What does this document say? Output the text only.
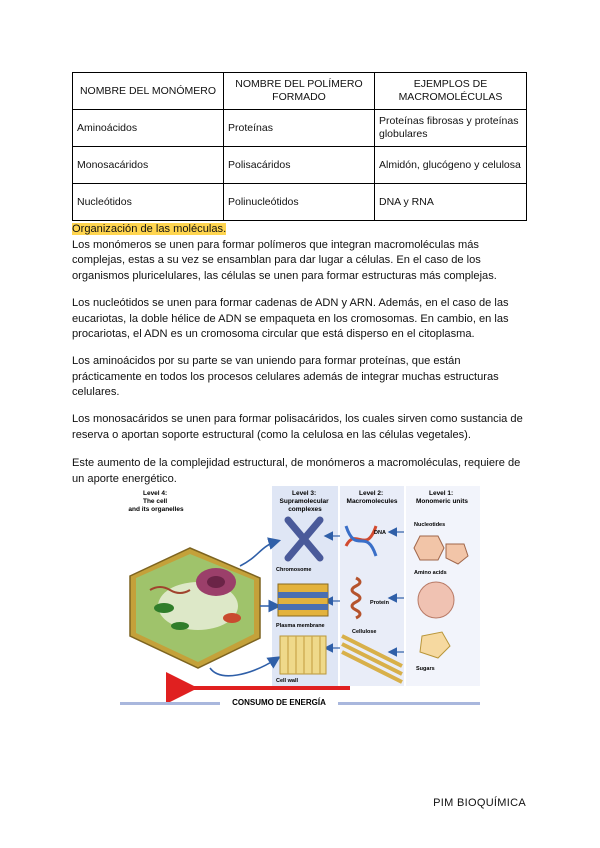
NOMBRE DEL MONÓMERO	NOMBRE DEL POLÍMERO FORMADO	EJEMPLOS DE MACROMOLÉCULAS
Aminoácidos	Proteínas	Proteínas fibrosas y proteínas globulares
Monosacáridos	Polisacáridos	Almidón, glucógeno y celulosa
Nucleótidos	Polinucleótidos	DNA y RNA

Organización de las moléculas.
Los monómeros se unen para formar polímeros que integran macromoléculas más complejas, estas a su vez se ensamblan para dar lugar a células. En el caso de los organismos pluricelulares, las células se unen para formar estructuras más complejas.

Los nucleótidos se unen para formar cadenas de ADN y ARN. Además, en el caso de las eucariotas, la doble hélice de ADN se empaqueta en los cromosomas. En cambio, en las procariotas, el ADN es un cromosoma circular que está disperso en el citoplasma.

Los aminoácidos por su parte se van uniendo para formar proteínas, que están prácticamente en todos los procesos celulares además de integrar muchas estructuras celulares.

Los monosacáridos se unen para formar polisacáridos, los cuales sirven como sustancia de reserva o aportan soporte estructural (como la celulosa en las células vegetales).

Este aumento de la complejidad estructural, de monómeros a macromoléculas, requiere de un aporte energético.

Level 4: The cell and its organelles
Level 3: Supramolecular complexes
Level 2: Macromolecules
Level 1: Monomeric units
Chromosome
Plasma membrane
Cell wall
DNA
Protein
Cellulose
Nucleotides
Amino acids
Sugars
CONSUMO DE ENERGÍA
PIM BIOQUÍMICA
